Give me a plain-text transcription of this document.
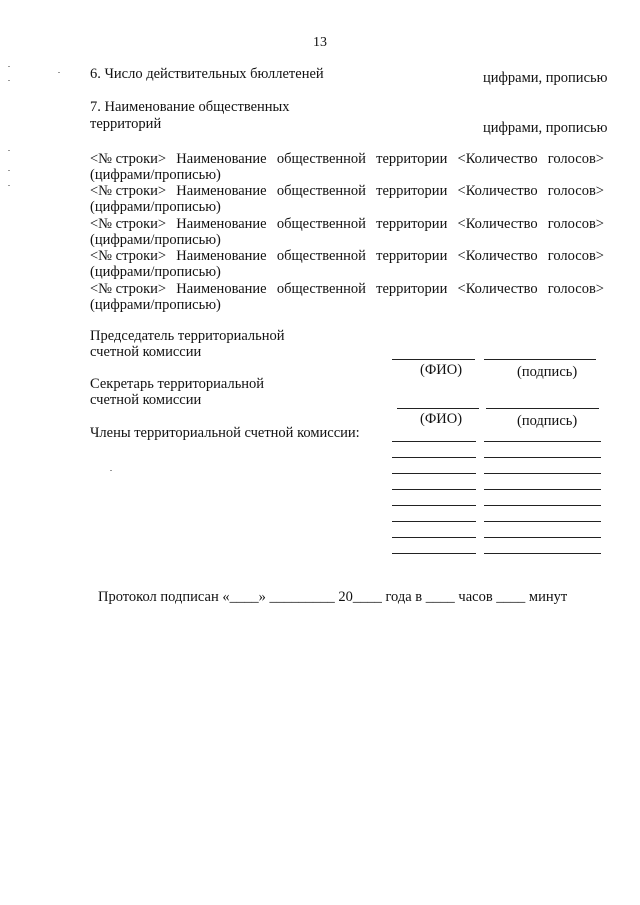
13
6. Число действительных бюллетеней	цифрами, прописью
7. Наименование общественных
территорий	цифрами, прописью
<№ строки> Наименование общественной территории <Количество голосов>
(цифрами/прописью)
<№ строки> Наименование общественной территории <Количество голосов>
(цифрами/прописью)
<№ строки> Наименование общественной территории <Количество голосов>
(цифрами/прописью)
<№ строки> Наименование общественной территории <Количество голосов>
(цифрами/прописью)
<№ строки> Наименование общественной территории <Количество голосов>
(цифрами/прописью)
Председатель территориальной
счетной комиссии
(ФИО)	(подпись)
Секретарь территориальной
счетной комиссии
(ФИО)	(подпись)
Члены территориальной счетной комиссии:
Протокол подписан «____» _________ 20____ года в ____ часов ____ минут
